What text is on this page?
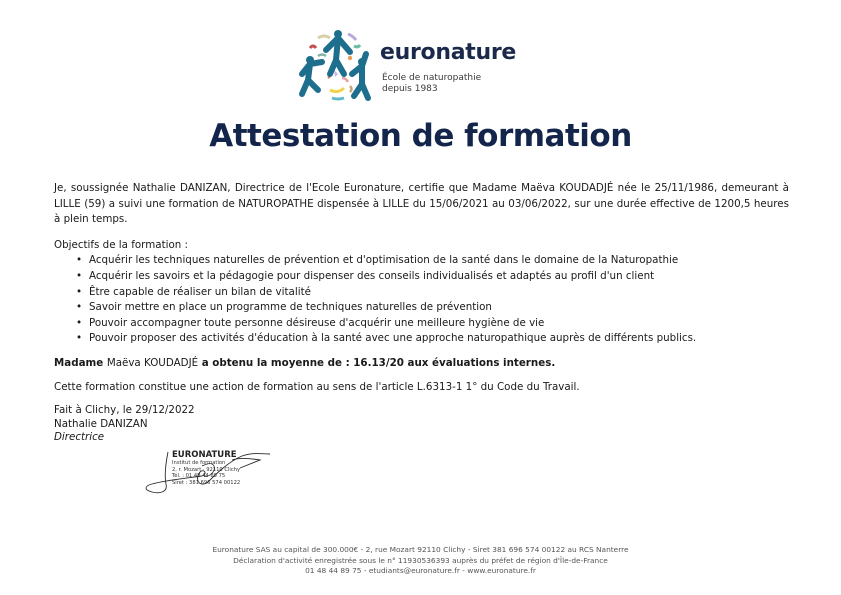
euronature
École de naturopathie
depuis 1983
Attestation de formation

Je, soussignée Nathalie DANIZAN, Directrice de l'Ecole Euronature, certifie que Madame Maëva KOUDADJÉ née le 25/11/1986, demeurant à LILLE (59) a suivi une formation de NATUROPATHE dispensée à LILLE du 15/06/2021 au 03/06/2022, sur une durée effective de 1200,5 heures à plein temps.

Objectifs de la formation :

• Acquérir les techniques naturelles de prévention et d'optimisation de la santé dans le domaine de la Naturopathie
• Acquérir les savoirs et la pédagogie pour dispenser des conseils individualisés et adaptés au profil d'un client
• Être capable de réaliser un bilan de vitalité
• Savoir mettre en place un programme de techniques naturelles de prévention
• Pouvoir accompagner toute personne désireuse d'acquérir une meilleure hygiène de vie
• Pouvoir proposer des activités d'éducation à la santé avec une approche naturopathique auprès de différents publics.

Madame Maëva KOUDADJÉ a obtenu la moyenne de : 16.13/20 aux évaluations internes.

Cette formation constitue une action de formation au sens de l'article L.6313-1 1° du Code du Travail.

Fait à Clichy, le 29/12/2022
Nathalie DANIZAN
Directrice
EURONATURE
Institut de formation
2, r. Mozart · 92110 Clichy
Tél. : 01 48 44 89 75
Siret : 381 696 574 00122
Euronature SAS au capital de 300.000€ - 2, rue Mozart 92110 Clichy - Siret 381 696 574 00122 au RCS Nanterre
Déclaration d'activité enregistrée sous le n° 11930536393 auprès du préfet de région d'Île-de-France
01 48 44 89 75 - etudiants@euronature.fr - www.euronature.fr
